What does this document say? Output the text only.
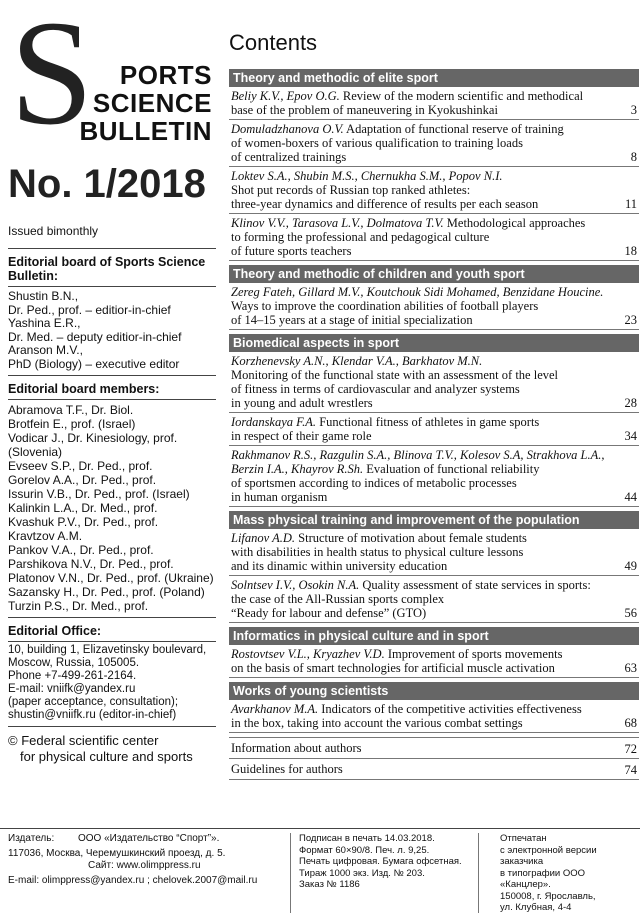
S PORTS
SCIENCE
BULLETIN
No. 1/2018
Issued bimonthly
Editorial board of Sports Science Bulletin:
Shustin B.N.,
Dr. Ped., prof. – editior-in-chief
Yashina E.R.,
Dr. Med. – deputy editior-in-chief
Aranson M.V.,
PhD (Biology) – executive editor
Editorial board members:
Abramova T.F., Dr. Biol.
Brotfein E., prof. (Israel)
Vodicar J., Dr. Kinesiology, prof. (Slovenia)
Evseev S.P., Dr. Ped., prof.
Gorelov A.A., Dr. Ped., prof.
Issurin V.B., Dr. Ped., prof. (Israel)
Kalinkin L.A., Dr. Med., prof.
Kvashuk P.V., Dr. Ped., prof.
Kravtzov A.M.
Pankov V.A., Dr. Ped., prof.
Parshikova N.V., Dr. Ped., prof.
Platonov V.N., Dr. Ped., prof. (Ukraine)
Sazansky H., Dr. Ped., prof. (Poland)
Turzin P.S., Dr. Med., prof.
Editorial Office:
10, building 1, Elizavetinsky boulevard,
Moscow, Russia, 105005.
Phone +7-499-261-2164.
E-mail: vniifk@yandex.ru
(paper acceptance, consultation);
shustin@vniifk.ru (editor-in-chief)
© Federal scientific center
for physical culture and sports
Contents
Theory and methodic of elite sport
Beliy K.V., Epov O.G. Review of the modern scientific and methodical
base of the problem of maneuvering in Kyokushinkai	3
Domuladzhanova O.V. Adaptation of functional reserve of training
of women-boxers of various qualification to training loads
of centralized trainings	8
Loktev S.A., Shubin M.S., Chernukha S.M., Popov N.I.
Shot put records of Russian top ranked athletes:
three-year dynamics and difference of results per each season	11
Klinov V.V., Tarasova L.V., Dolmatova T.V. Methodological approaches
to forming the professional and pedagogical culture
of future sports teachers	18
Theory and methodic of children and youth sport
Zereg Fateh, Gillard M.V., Koutchouk Sidi Mohamed, Benzidane Houcine.
Ways to improve the coordination abilities of football players
of 14–15 years at a stage of initial specialization	23
Biomedical aspects in sport
Korzhenevsky A.N., Klendar V.A., Barkhatov M.N.
Monitoring of the functional state with an assessment of the level
of fitness in terms of cardiovascular and analyzer systems
in young and adult wrestlers	28
Iordanskaya F.A. Functional fitness of athletes in game sports
in respect of their game role	34
Rakhmanov R.S., Razgulin S.A., Blinova T.V., Kolesov S.A, Strakhova L.A., Berzin I.A., Khayrov R.Sh. Evaluation of functional reliability
of sportsmen according to indices of metabolic processes
in human organism	44
Mass physical training and improvement of the population
Lifanov A.D. Structure of motivation about female students
with disabilities in health status to physical culture lessons
and its dinamic within university education	49
Solntsev I.V., Osokin N.A. Quality assessment of state services in sports:
the case of the All-Russian sports complex
“Ready for labour and defense” (GTO)	56
Informatics in physical culture and in sport
Rostovtsev V.L., Kryazhev V.D. Improvement of sports movements
on the basis of smart technologies for artificial muscle activation	63
Works of young scientists
Avarkhanov M.A. Indicators of the competitive activities effectiveness
in the box, taking into account the various combat settings	68
Information about authors	72
Guidelines for authors	74
Издатель:	ООО «Издательство “Спорт”».
117036, Москва, Черемушкинский проезд, д. 5.
Сайт: www.olimppress.ru
E-mail: olimppress@yandex.ru ; chelovek.2007@mail.ru
Подписан в печать 14.03.2018.
Формат 60×90/8. Печ. л. 9,25.
Печать цифровая. Бумага офсетная.
Тираж 1000 экз. Изд. № 203.
Заказ № 1186
Отпечатан
с электронной версии заказчика
в типографии ООО «Канцлер».
150008, г. Ярославль,
ул. Клубная, 4-4
